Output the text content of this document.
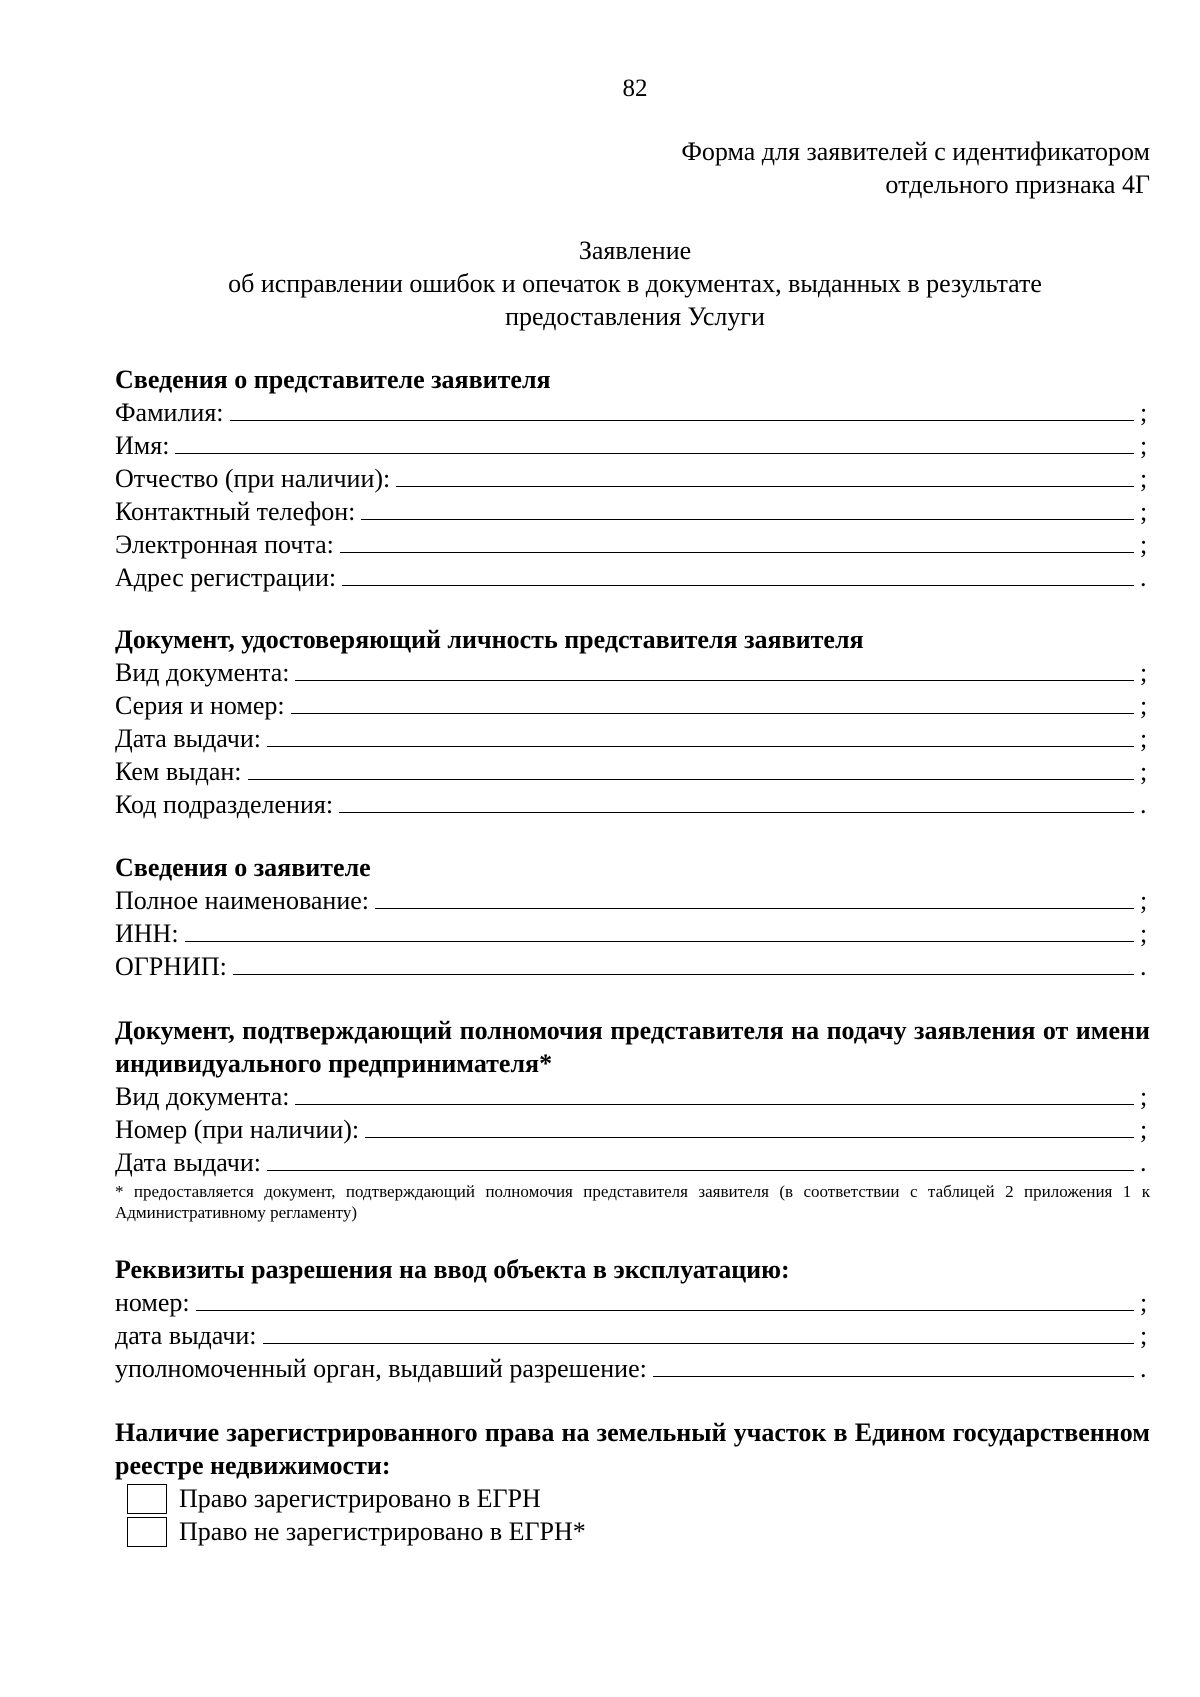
82
Форма для заявителей с идентификатором
отдельного признака 4Г
Заявление
об исправлении ошибок и опечаток в документах, выданных в результате
предоставления Услуги
Сведения о представителе заявителя
Фамилия:	;
Имя:	;
Отчество (при наличии):	;
Контактный телефон:	;
Электронная почта:	;
Адрес регистрации:	.
Документ, удостоверяющий личность представителя заявителя
Вид документа:	;
Серия и номер:	;
Дата выдачи:	;
Кем выдан:	;
Код подразделения:	.
Сведения о заявителе
Полное наименование:	;
ИНН:	;
ОГРНИП:	.
Документ, подтверждающий полномочия представителя на подачу заявления от имени индивидуального предпринимателя*
Вид документа:	;
Номер (при наличии):	;
Дата выдачи:	.
* предоставляется документ, подтверждающий полномочия представителя заявителя (в соответствии с таблицей 2 приложения 1 к Административному регламенту)
Реквизиты разрешения на ввод объекта в эксплуатацию:
номер:	;
дата выдачи:	;
уполномоченный орган, выдавший разрешение:	.
Наличие зарегистрированного права на земельный участок в Едином государственном реестре недвижимости:
Право зарегистрировано в ЕГРН
Право не зарегистрировано в ЕГРН*
